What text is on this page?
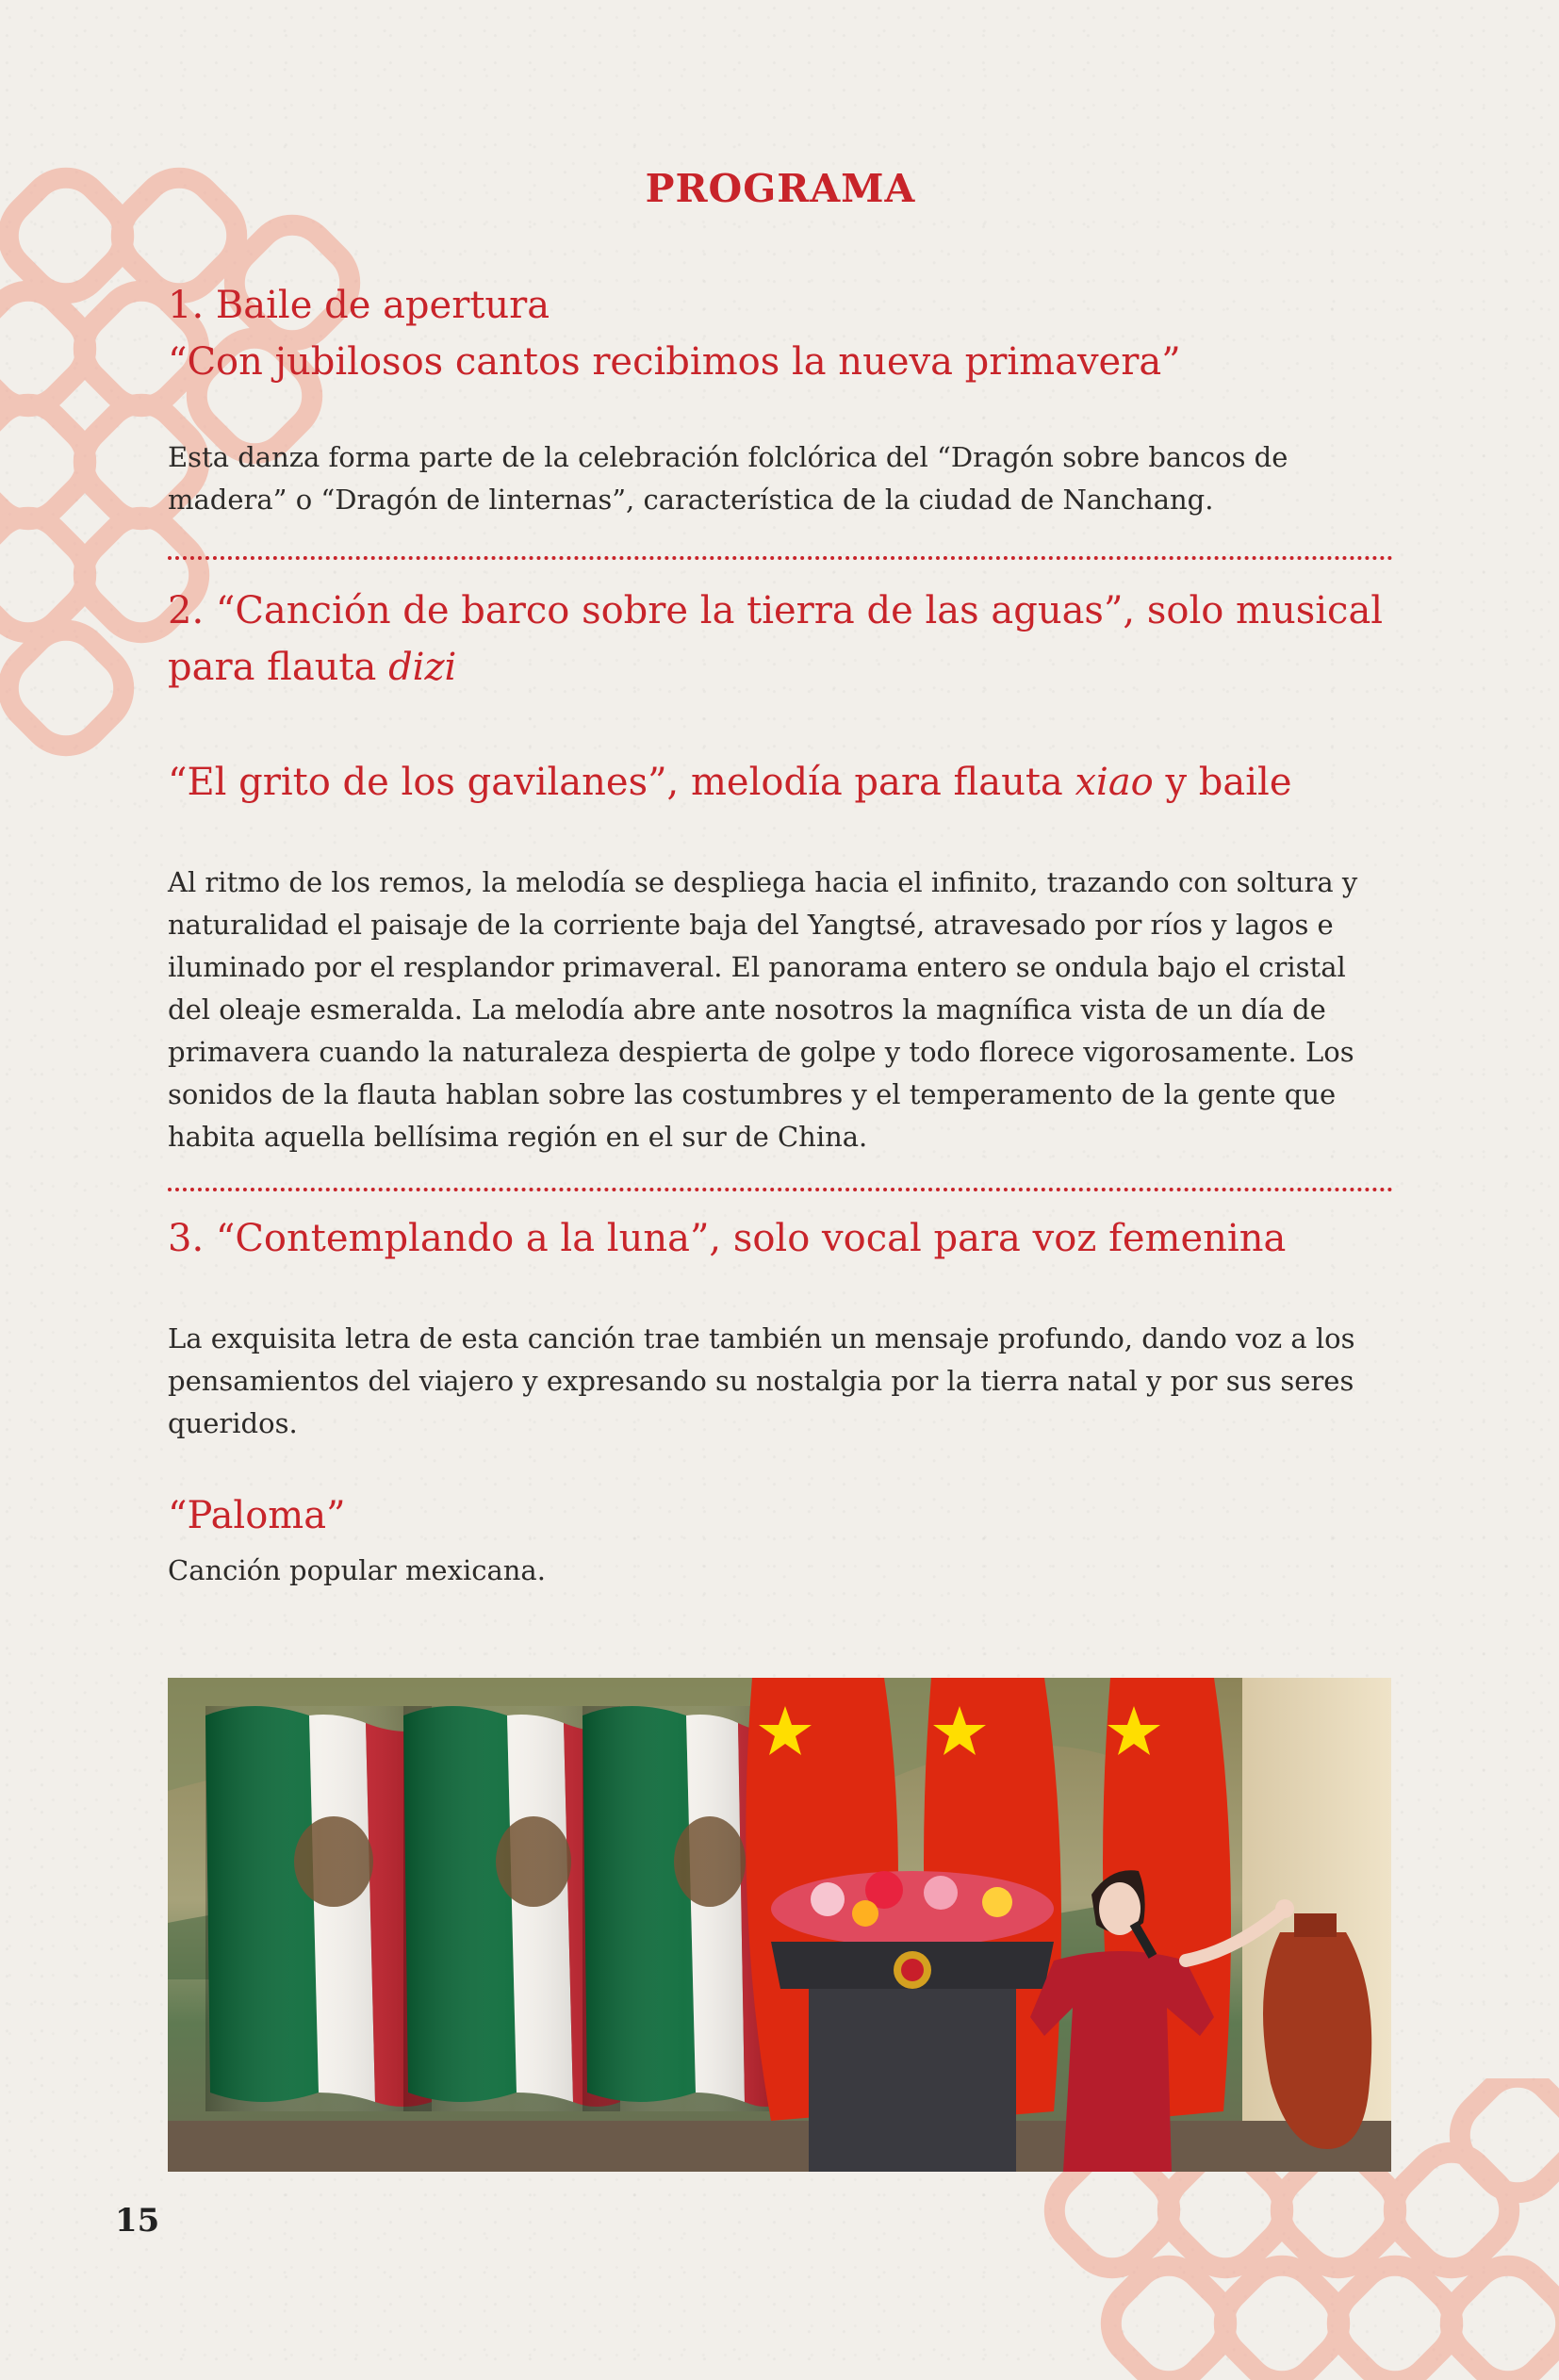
PROGRAMA
1. Baile de apertura
“Con jubilosos cantos recibimos la nueva primavera”

Esta danza forma parte de la celebración folclórica del “Dragón sobre bancos de madera” o “Dragón de linternas”, característica de la ciudad de Nanchang.

2. “Canción de barco sobre la tierra de las aguas”, solo musical para flauta dizi
“El grito de los gavilanes”, melodía para flauta xiao y baile

Al ritmo de los remos, la melodía se despliega hacia el infinito, trazando con soltura y naturalidad el paisaje de la corriente baja del Yangtsé, atravesado por ríos y lagos e iluminado por el resplandor primaveral. El panorama entero se ondula bajo el cristal del oleaje esmeralda. La melodía abre ante nosotros la magnífica vista de un día de primavera cuando la naturaleza despierta de golpe y todo florece vigorosamente. Los sonidos de la flauta hablan sobre las costumbres y el temperamento de la gente que habita aquella bellísima región en el sur de China.

3. “Contemplando a la luna”, solo vocal para voz femenina

La exquisita letra de esta canción trae también un mensaje profundo, dando voz a los pensamientos del viajero y expresando su nostalgia por la tierra natal y por sus seres queridos.

“Paloma”

Canción popular mexicana.

15
